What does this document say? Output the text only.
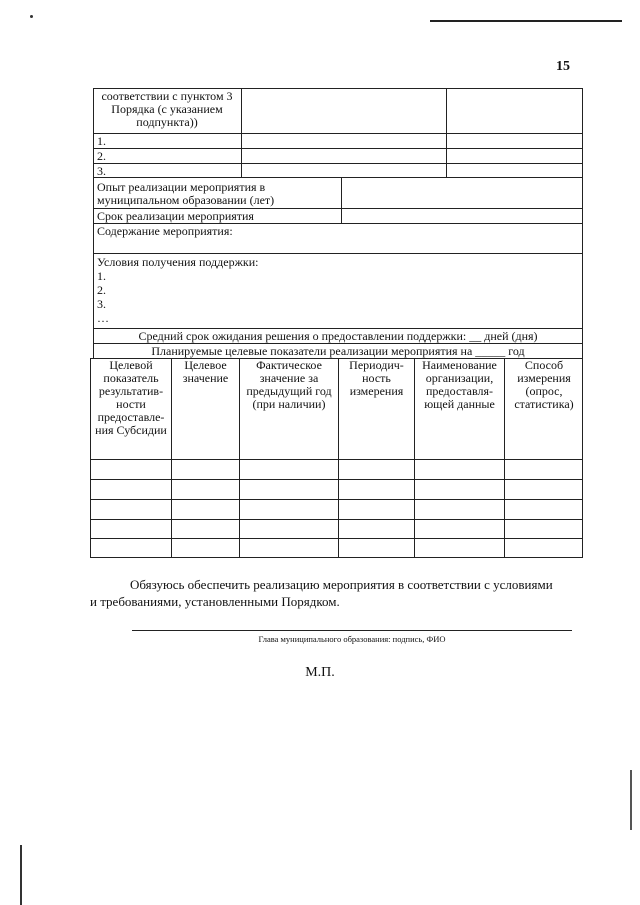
15
соответствии с пунктом 3 Порядка (с указанием подпункта))
1.
2.
3.
Опыт реализации мероприятия в муниципальном образовании (лет)
Срок реализации мероприятия
Содержание мероприятия:
Условия получения поддержки:
1.
2.
3.
…
Средний срок ожидания решения о предоставлении поддержки: __ дней (дня)
Планируемые целевые показатели реализации мероприятия на _____ год
Целевой показатель результатив-ности предоставле-ния Субсидии
Целевое значение
Фактическое значение за предыдущий год (при наличии)
Периодич-ность измерения
Наименование организации, предоставля-ющей данные
Способ измерения (опрос, статистика)
Обязуюсь обеспечить реализацию мероприятия в соответствии с условиями и требованиями, установленными Порядком.
Глава муниципального образования: подпись, ФИО
М.П.
